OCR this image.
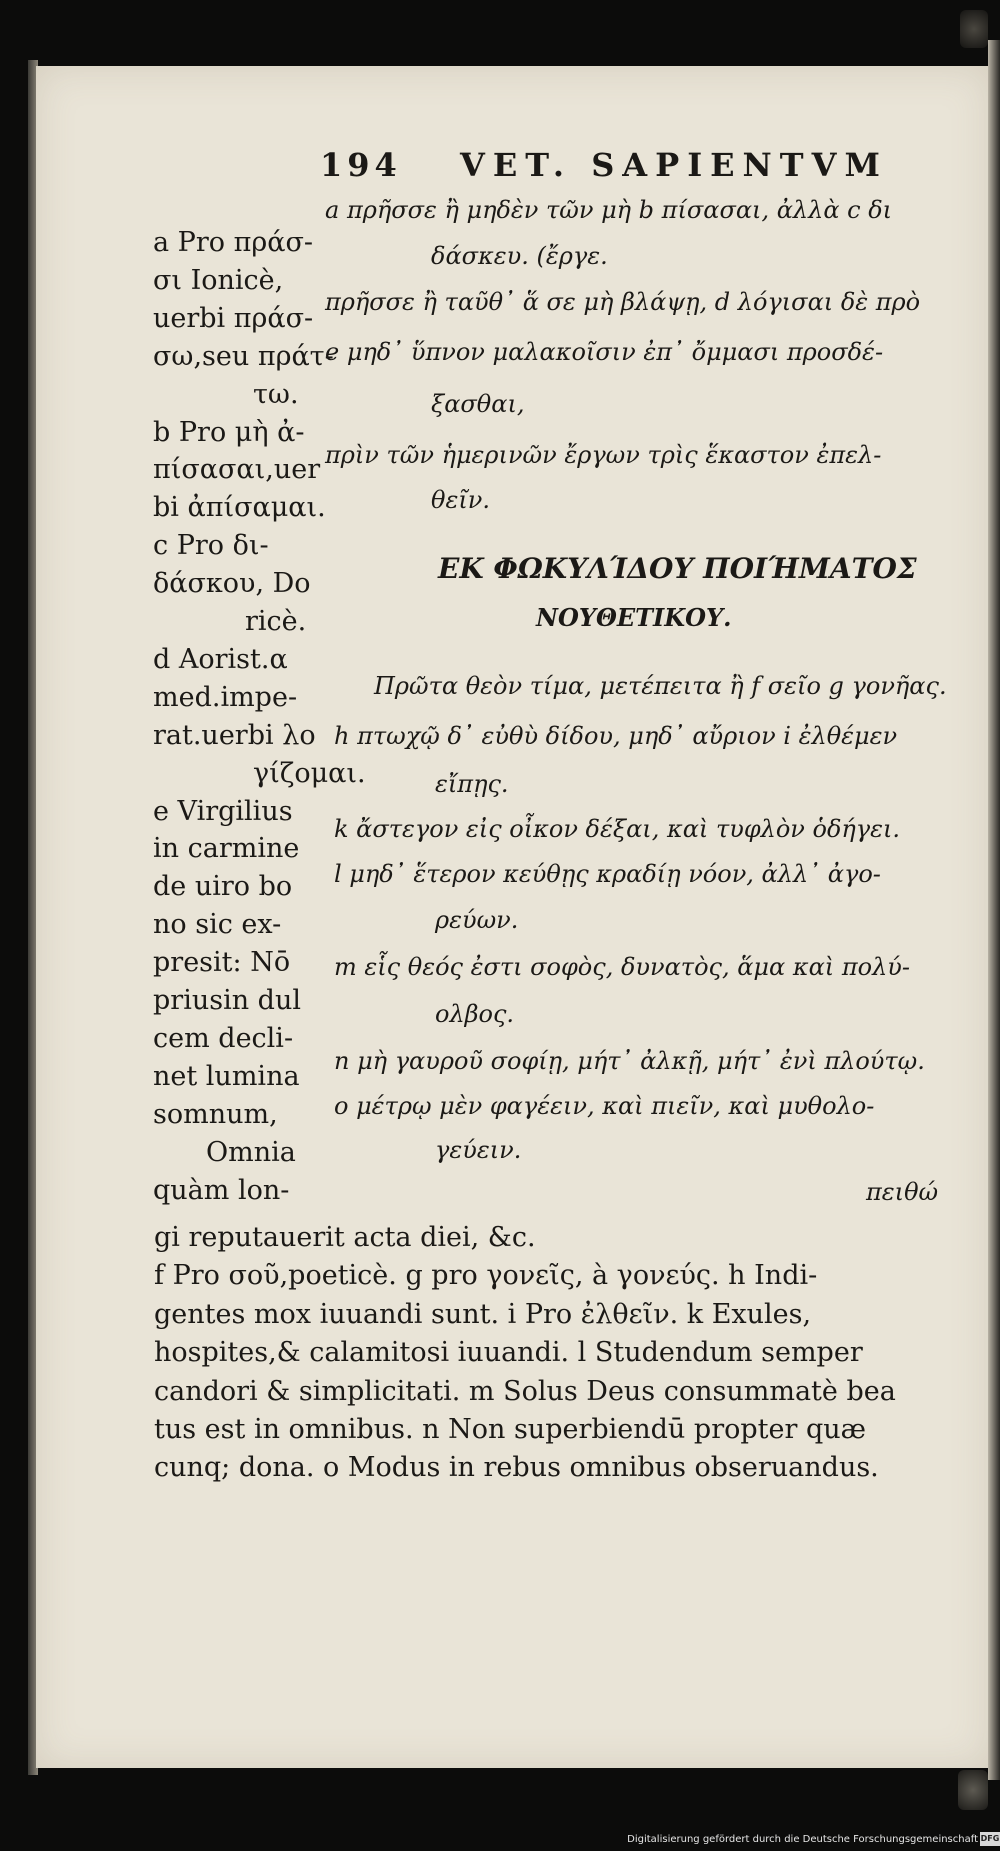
194 VET. SAPIENTVM
a Pro πράσ-
σι Ionicè,
uerbi πράσ-
σω,seu πράτ-
τω.
b Pro μὴ ἀ-
πίσασαι,uer
bi ἀπίσαμαι.
c Pro δι-
δάσκου, Do
ricè.
d Aorist.α
med.impe-
rat.uerbi λο
γίζομαι.
e Virgilius
in carmine
de uiro bo
no sic ex-
presit: Nō
priusin dul
cem decli-
net lumina
somnum,
Omnia
quàm lon-
a πρῆσσε ἢ μηδὲν τῶν μὴ b πίσασαι, ἀλλὰ c δι
δάσκευ. (ἔργε.
πρῆσσε ἢ ταῦθ᾽ ἅ σε μὴ βλάψῃ, d λόγισαι δὲ πρὸ
e μηδ᾽ ὕπνον μαλακοῖσιν ἐπ᾽ ὄμμασι προσδέ-
ξασθαι,
πρὶν τῶν ἡμερινῶν ἔργων τρὶς ἕκαστον ἐπελ-
θεῖν.
ΕΚ ΦΩΚΥΛΊΔΟΥ ΠΟΙΉΜΑΤΟΣ
ΝΟΥΘΕΤΙΚΟΥ.
Πρῶτα θεὸν τίμα, μετέπειτα ἢ f σεῖο g γονῆας.
h πτωχῷ δ᾽ εὐθὺ δίδου, μηδ᾽ αὔριον i ἐλθέμεν
εἴπῃς.
k ἄστεγον εἰς οἶκον δέξαι, καὶ τυφλὸν ὁδήγει.
l μηδ᾽ ἕτερον κεύθῃς κραδίῃ νόον, ἀλλ᾽ ἀγο-
ρεύων.
m εἷς θεός ἐστι σοφὸς, δυνατὸς, ἅμα καὶ πολύ-
ολβος.
n μὴ γαυροῦ σοφίῃ, μήτ᾽ ἀλκῇ, μήτ᾽ ἐνὶ πλούτῳ.
o μέτρῳ μὲν φαγέειν, καὶ πιεῖν, καὶ μυθολο-
γεύειν.
πειθώ
gi reputauerit acta diei, &c.
f Pro σοῦ,poeticè. g pro γονεῖς, à γονεύς. h Indi-
gentes mox iuuandi sunt. i Pro ἐλθεῖν. k Exules,
hospites,& calamitosi iuuandi. l Studendum semper
candori & simplicitati. m Solus Deus consummatè bea
tus est in omnibus. n Non superbiendū propter quæ
cunq; dona. o Modus in rebus omnibus obseruandus.
Digitalisierung gefördert durch die Deutsche Forschungsgemeinschaft DFG
